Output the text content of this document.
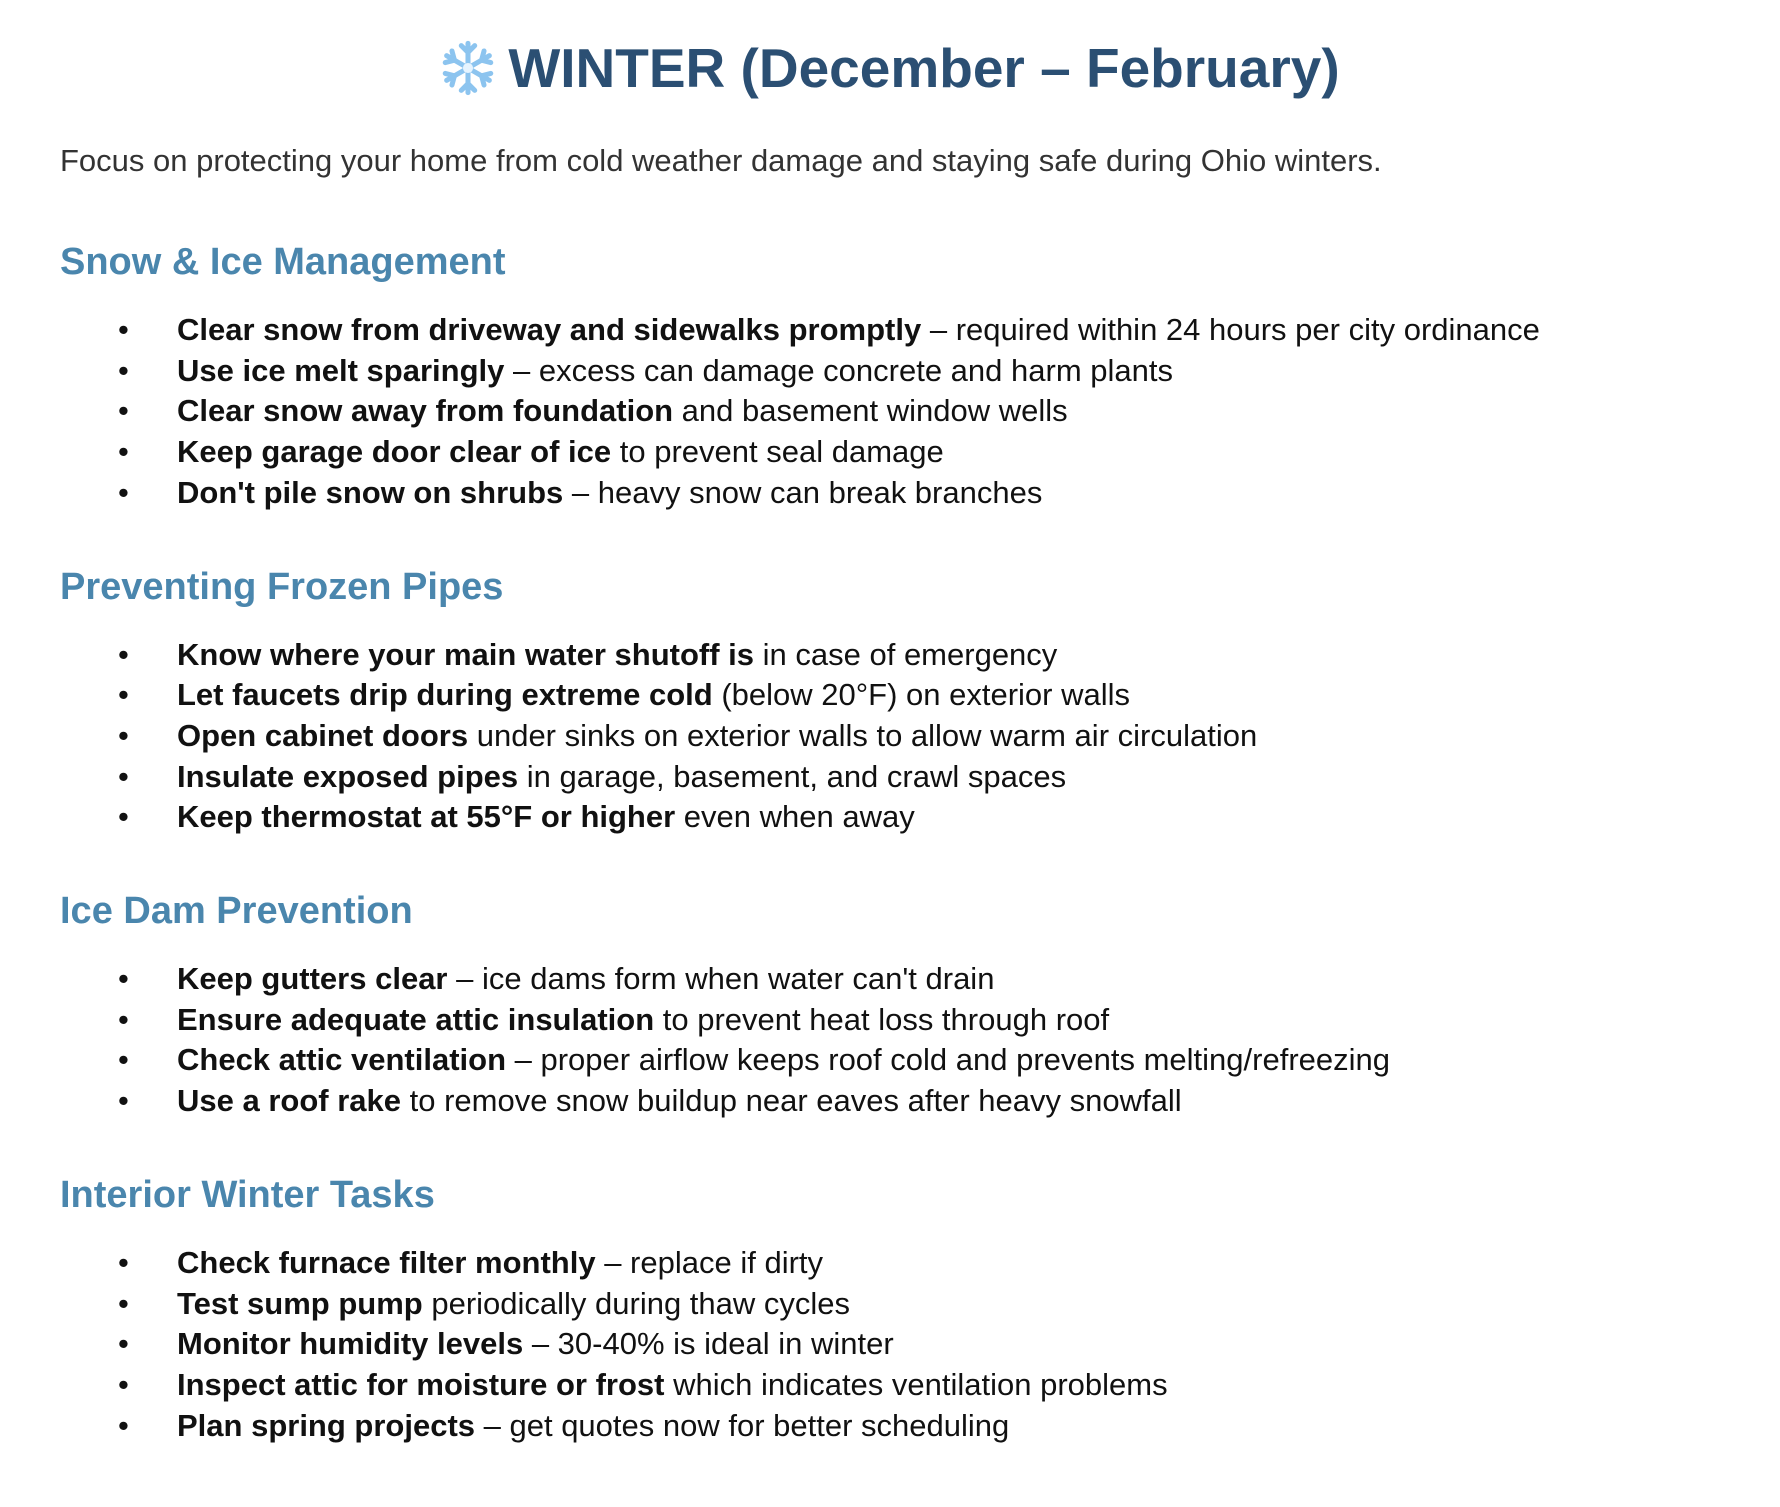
WINTER (December – February)

Focus on protecting your home from cold weather damage and staying safe during Ohio winters.

Snow & Ice Management
• Clear snow from driveway and sidewalks promptly – required within 24 hours per city ordinance
• Use ice melt sparingly – excess can damage concrete and harm plants
• Clear snow away from foundation and basement window wells
• Keep garage door clear of ice to prevent seal damage
• Don't pile snow on shrubs – heavy snow can break branches
Preventing Frozen Pipes
• Know where your main water shutoff is in case of emergency
• Let faucets drip during extreme cold (below 20°F) on exterior walls
• Open cabinet doors under sinks on exterior walls to allow warm air circulation
• Insulate exposed pipes in garage, basement, and crawl spaces
• Keep thermostat at 55°F or higher even when away
Ice Dam Prevention
• Keep gutters clear – ice dams form when water can't drain
• Ensure adequate attic insulation to prevent heat loss through roof
• Check attic ventilation – proper airflow keeps roof cold and prevents melting/refreezing
• Use a roof rake to remove snow buildup near eaves after heavy snowfall
Interior Winter Tasks
• Check furnace filter monthly – replace if dirty
• Test sump pump periodically during thaw cycles
• Monitor humidity levels – 30-40% is ideal in winter
• Inspect attic for moisture or frost which indicates ventilation problems
• Plan spring projects – get quotes now for better scheduling
